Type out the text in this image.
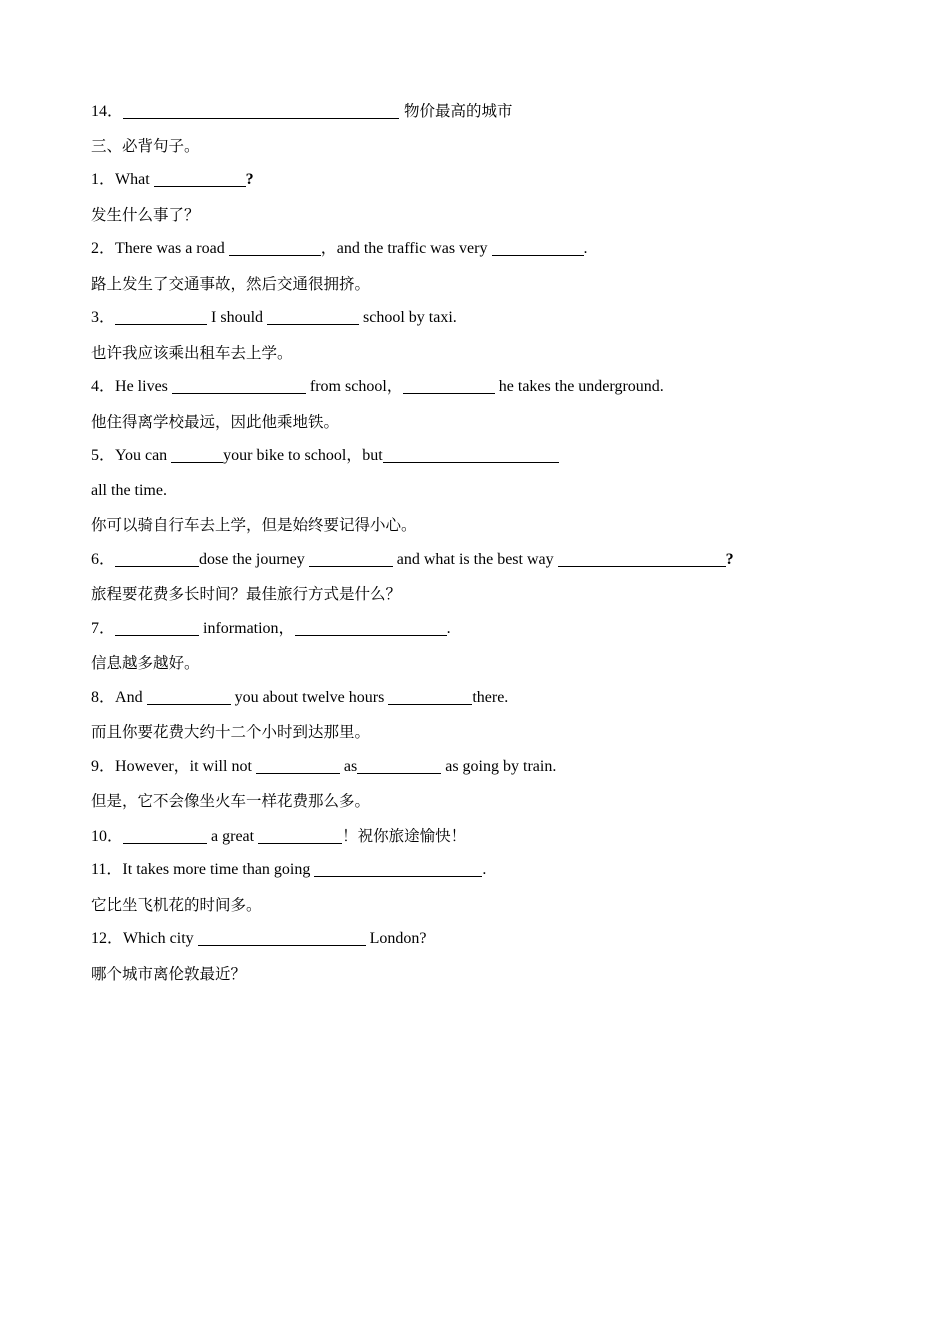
14．	物价最高的城市
三、必背句子。
1．What	?
发生什么事了？
2．There was a road	，and the traffic was very	.
路上发生了交通事故，然后交通很拥挤。
3．	I should	school by taxi.
也许我应该乘出租车去上学。
4．He lives	from school，	he takes the underground.
他住得离学校最远，因此他乘地铁。
5．You can	your bike to school，but
all the time.
你可以骑自行车去上学，但是始终要记得小心。
6．	dose the journey	and what is the best way	?
旅程要花费多长时间？最佳旅行方式是什么？
7．	information，	.
信息越多越好。
8．And	you about twelve hours	there.
而且你要花费大约十二个小时到达那里。
9．However，it will not	as	as going by train.
但是，它不会像坐火车一样花费那么多。
10．	a great	！祝你旅途愉快！
11．It takes more time than going	.
它比坐飞机花的时间多。
12．Which city	London?
哪个城市离伦敦最近？
